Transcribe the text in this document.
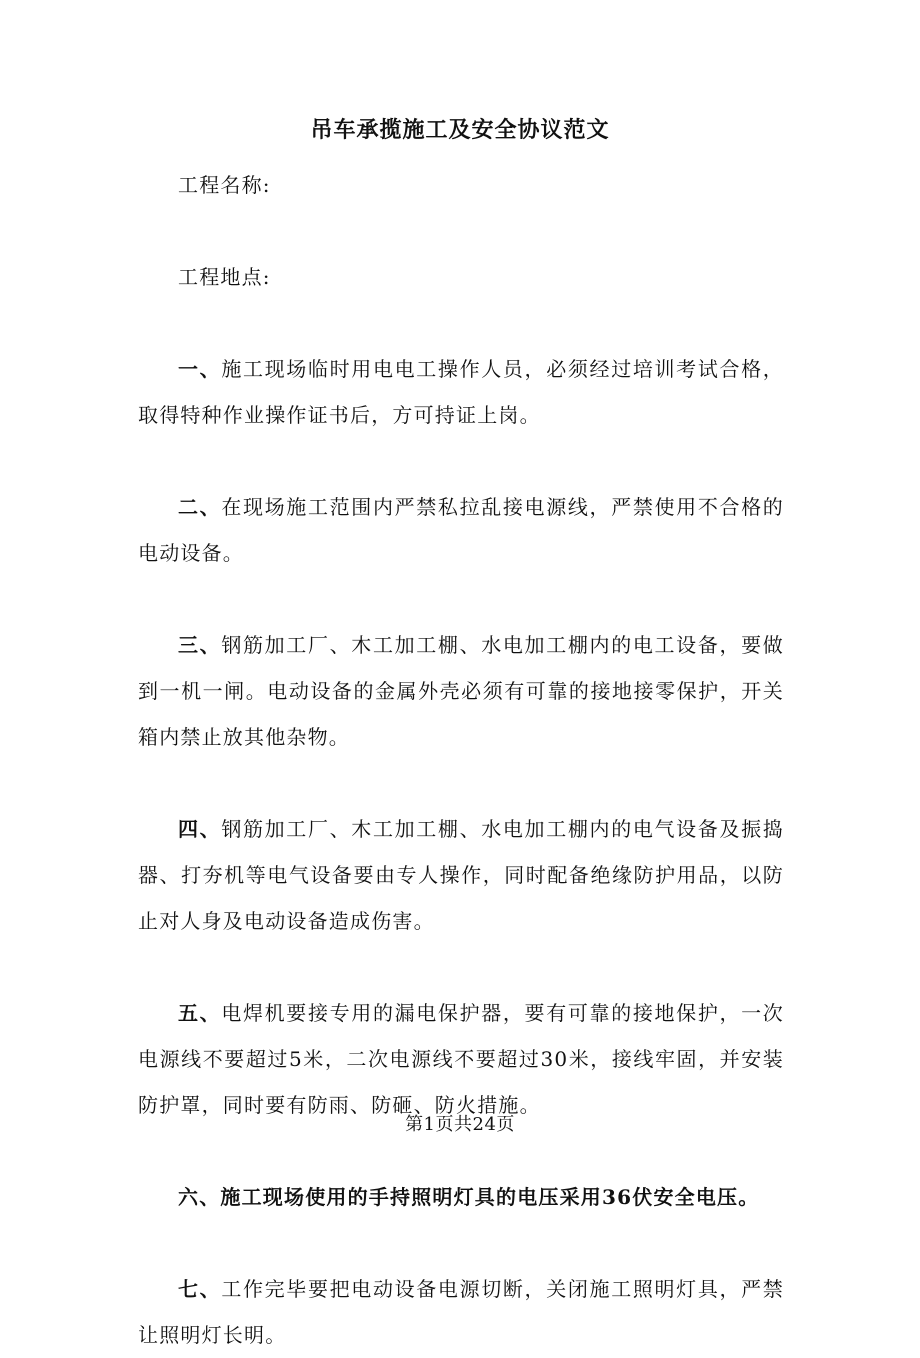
吊车承揽施工及安全协议范文

工程名称:

工程地点:

一、施工现场临时用电电工操作人员，必须经过培训考试合格，取得特种作业操作证书后，方可持证上岗。

二、在现场施工范围内严禁私拉乱接电源线，严禁使用不合格的电动设备。

三、钢筋加工厂、木工加工棚、水电加工棚内的电工设备，要做到一机一闸。电动设备的金属外壳必须有可靠的接地接零保护，开关箱内禁止放其他杂物。

四、钢筋加工厂、木工加工棚、水电加工棚内的电气设备及振捣器、打夯机等电气设备要由专人操作，同时配备绝缘防护用品，以防止对人身及电动设备造成伤害。

五、电焊机要接专用的漏电保护器，要有可靠的接地保护，一次电源线不要超过5米，二次电源线不要超过30米，接线牢固，并安装防护罩，同时要有防雨、防砸、防火措施。

六、施工现场使用的手持照明灯具的电压采用36伏安全电压。

七、工作完毕要把电动设备电源切断，关闭施工照明灯具，严禁让照明灯长明。

第1页共24页
